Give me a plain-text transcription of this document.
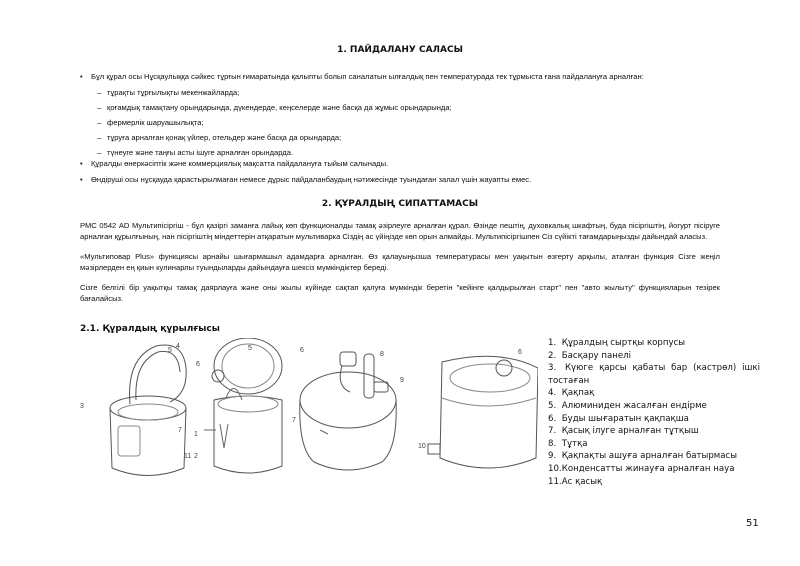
1. ПАЙДАЛАНУ САЛАСЫ
• Бұл құрал осы Нұсқаулыққа сәйкес тұрғын ғимаратында қалыпты болып саналатын ылғалдық пен температурада тек тұрмыста ғана пайдалануға арналған:
– тұрақты тұрғылықты мекенжайларда;
– қоғамдық тамақтану орындарында, дүкендерде, кеңселерде және басқа да жұмыс орындарында;
– фермерлік шаруашылықта;
– тұруға арналған қонақ үйлер, отельдер және басқа да орындарда;
– түнеуге және таңғы асты ішуге арналған орындарда.
• Құралды өнеркәсіптік және коммерциялық мақсатта пайдалануға тыйым салынады.
• Өндіруші осы нұсқауда қарастырылмаған немесе дұрыс пайдаланбаудың нәтижесінде туындаған залал үшін жауапты емес.
2. ҚҰРАЛДЫҢ СИПАТТАМАСЫ
РМС 0542 AD Мультипісіргіш - бұл қазіргі заманға лайық көп функционалды тамақ әзірлеуге арналған құрал. Өзінде пештің, духовкалық шкафтың, буда пісіргіштің, йогурт пісіруге арналған құрылғының, нан пісіргіштің міндеттерін атқаратын мультиварка Сіздің ас үйіңізде көп орын алмайды. Мультипісіргішпен Сіз сүйікті тағамдарыңызды дайындай аласыз.
«Мультиповар Plus» функциясы арнайы шығармашыл адамдарға арналған. Өз қалауыңызша температурасы мен уақытын өзгерту арқылы, аталған функция Сізге жеңіл мәзірлерден ең қиын кулинарлы туындыларды дайындауға шексіз мүмкіндіктер береді.
Сізге белгілі бір уақытқы тамақ даярлауға және оны жылы күйінде сақтап қалуға мүмкіндік беретін "кейінге қалдырылған старт" пен "авто жылыту" функцияларын тезірек бағалайсыз.
2.1. Құралдың құрылғысы
3
1
2
5
4
6
5
7
11
6
8
9
7
6
10
1. Құралдың сыртқы корпусы
2. Басқару панелі
3. Күюге қарсы қабаты бар (кастрөл) ішкі тостаған
4. Қақпақ
5. Алюминиден жасалған ендірме
6. Буды шығаратын қақпақша
7. Қасық ілуге арналған тұтқыш
8. Тұтқа
9. Қақпақты ашуға арналған батырмасы
10. Конденсатты жинауға арналған науа
11. Ас қасық
51
